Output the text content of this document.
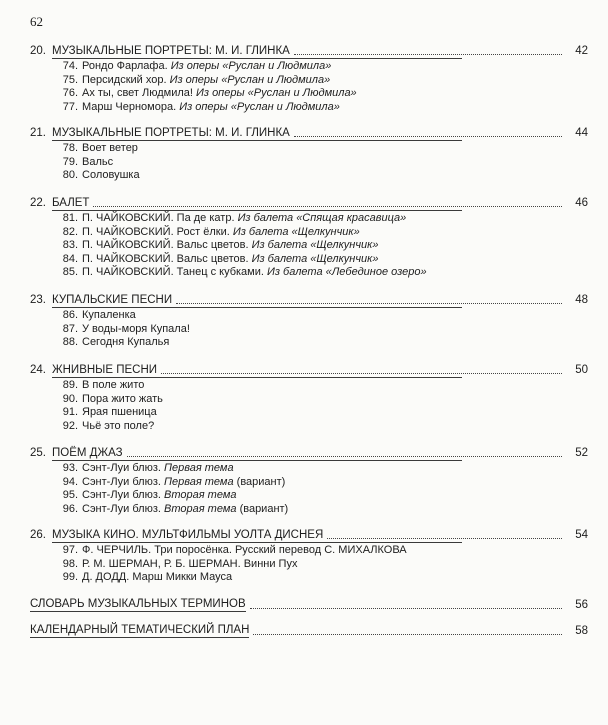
62
20. МУЗЫКАЛЬНЫЕ ПОРТРЕТЫ: М. И. ГЛИНКА	42
74. Рондо Фарлафа. Из оперы «Руслан и Людмила»
75. Персидский хор. Из оперы «Руслан и Людмила»
76. Ах ты, свет Людмила! Из оперы «Руслан и Людмила»
77. Марш Черномора. Из оперы «Руслан и Людмила»
21. МУЗЫКАЛЬНЫЕ ПОРТРЕТЫ: М. И. ГЛИНКА	44
78. Воет ветер
79. Вальс
80. Соловушка
22. БАЛЕТ	46
81. П. ЧАЙКОВСКИЙ. Па де катр. Из балета «Спящая красавица»
82. П. ЧАЙКОВСКИЙ. Рост ёлки. Из балета «Щелкунчик»
83. П. ЧАЙКОВСКИЙ. Вальс цветов. Из балета «Щелкунчик»
84. П. ЧАЙКОВСКИЙ. Вальс цветов. Из балета «Щелкунчик»
85. П. ЧАЙКОВСКИЙ. Танец с кубками. Из балета «Лебединое озеро»
23. КУПАЛЬСКИЕ ПЕСНИ	48
86. Купаленка
87. У воды-моря Купала!
88. Сегодня Купалья
24. ЖНИВНЫЕ ПЕСНИ	50
89. В поле жито
90. Пора жито жать
91. Ярая пшеница
92. Чьё это поле?
25. ПОЁМ ДЖАЗ	52
93. Сэнт-Луи блюз. Первая тема
94. Сэнт-Луи блюз. Первая тема (вариант)
95. Сэнт-Луи блюз. Вторая тема
96. Сэнт-Луи блюз. Вторая тема (вариант)
26. МУЗЫКА КИНО. МУЛЬТФИЛЬМЫ УОЛТА ДИСНЕЯ	54
97. Ф. ЧЕРЧИЛЬ. Три поросёнка. Русский перевод С. МИХАЛКОВА
98. Р. М. ШЕРМАН, Р. Б. ШЕРМАН. Винни Пух
99. Д. ДОДД. Марш Микки Мауса
СЛОВАРЬ МУЗЫКАЛЬНЫХ ТЕРМИНОВ	56
КАЛЕНДАРНЫЙ ТЕМАТИЧЕСКИЙ ПЛАН	58
